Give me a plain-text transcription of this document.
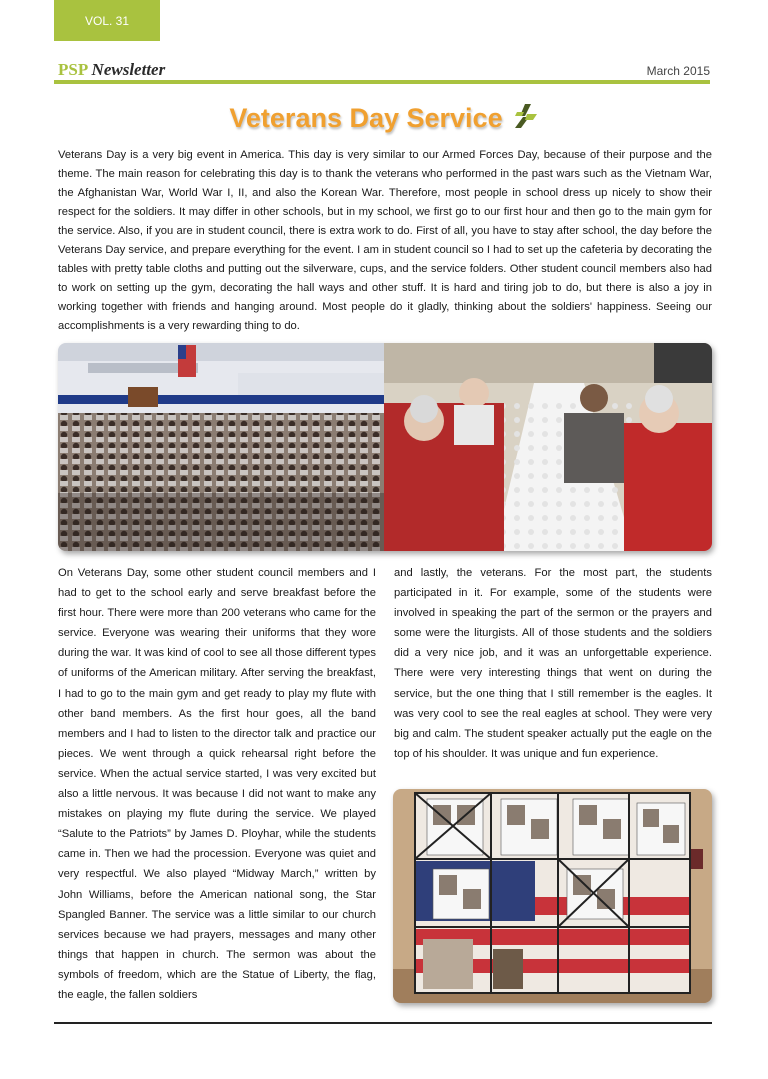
VOL. 31
PSP Newsletter	March 2015
Veterans Day Service
Veterans Day is a very big event in America. This day is very similar to our Armed Forces Day, because of their purpose and the theme. The main reason for celebrating this day is to thank the veterans who performed in the past wars such as the Vietnam War, the Afghanistan War, World War I, II, and also the Korean War. Therefore, most people in school dress up nicely to show their respect for the soldiers. It may differ in other schools, but in my school, we first go to our first hour and then go to the main gym for the service. Also, if you are in student council, there is extra work to do. First of all, you have to stay after school, the day before the Veterans Day service, and prepare everything for the event. I am in student council so I had to set up the cafeteria by decorating the tables with pretty table cloths and putting out the silverware, cups, and the service folders. Other student council members also had to work on setting up the gym, decorating the hall ways and other stuff. It is hard and tiring job to do, but there is also a joy in working together with friends and hanging around. Most people do it gladly, thinking about the soldiers' happiness. Seeing our accomplishments is a very rewarding thing to do.
On Veterans Day, some other student council members and I had to get to the school early and serve breakfast before the first hour. There were more than 200 veterans who came for the service. Everyone was wearing their uniforms that they wore during the war. It was kind of cool to see all those different types of uniforms of the American military. After serving the breakfast, I had to go to the main gym and get ready to play my flute with other band members. As the first hour goes, all the band members and I had to listen to the director talk and practice our pieces. We went through a quick rehearsal right before the service. When the actual service started, I was very excited but also a little nervous. It was because I did not want to make any mistakes on playing my flute during the service. We played “Salute to the Patriots” by James D. Ployhar, while the students came in. Then we had the procession. Everyone was quiet and very respectful. We also played “Midway March,” written by John Williams, before the American national song, the Star Spangled Banner. The service was a little similar to our church services because we had prayers, messages and many other things that happen in church. The sermon was about the symbols of freedom, which are the Statue of Liberty, the flag, the eagle, the fallen soldiers
and lastly, the veterans. For the most part, the students participated in it. For example, some of the students were involved in speaking the part of the sermon or the prayers and some were the liturgists. All of those students and the soldiers did a very nice job, and it was an unforgettable experience. There were very interesting things that went on during the service, but the one thing that I still remember is the eagles. It was very cool to see the real eagles at school. They were very big and calm. The student speaker actually put the eagle on the top of his shoulder. It was unique and fun experience.
